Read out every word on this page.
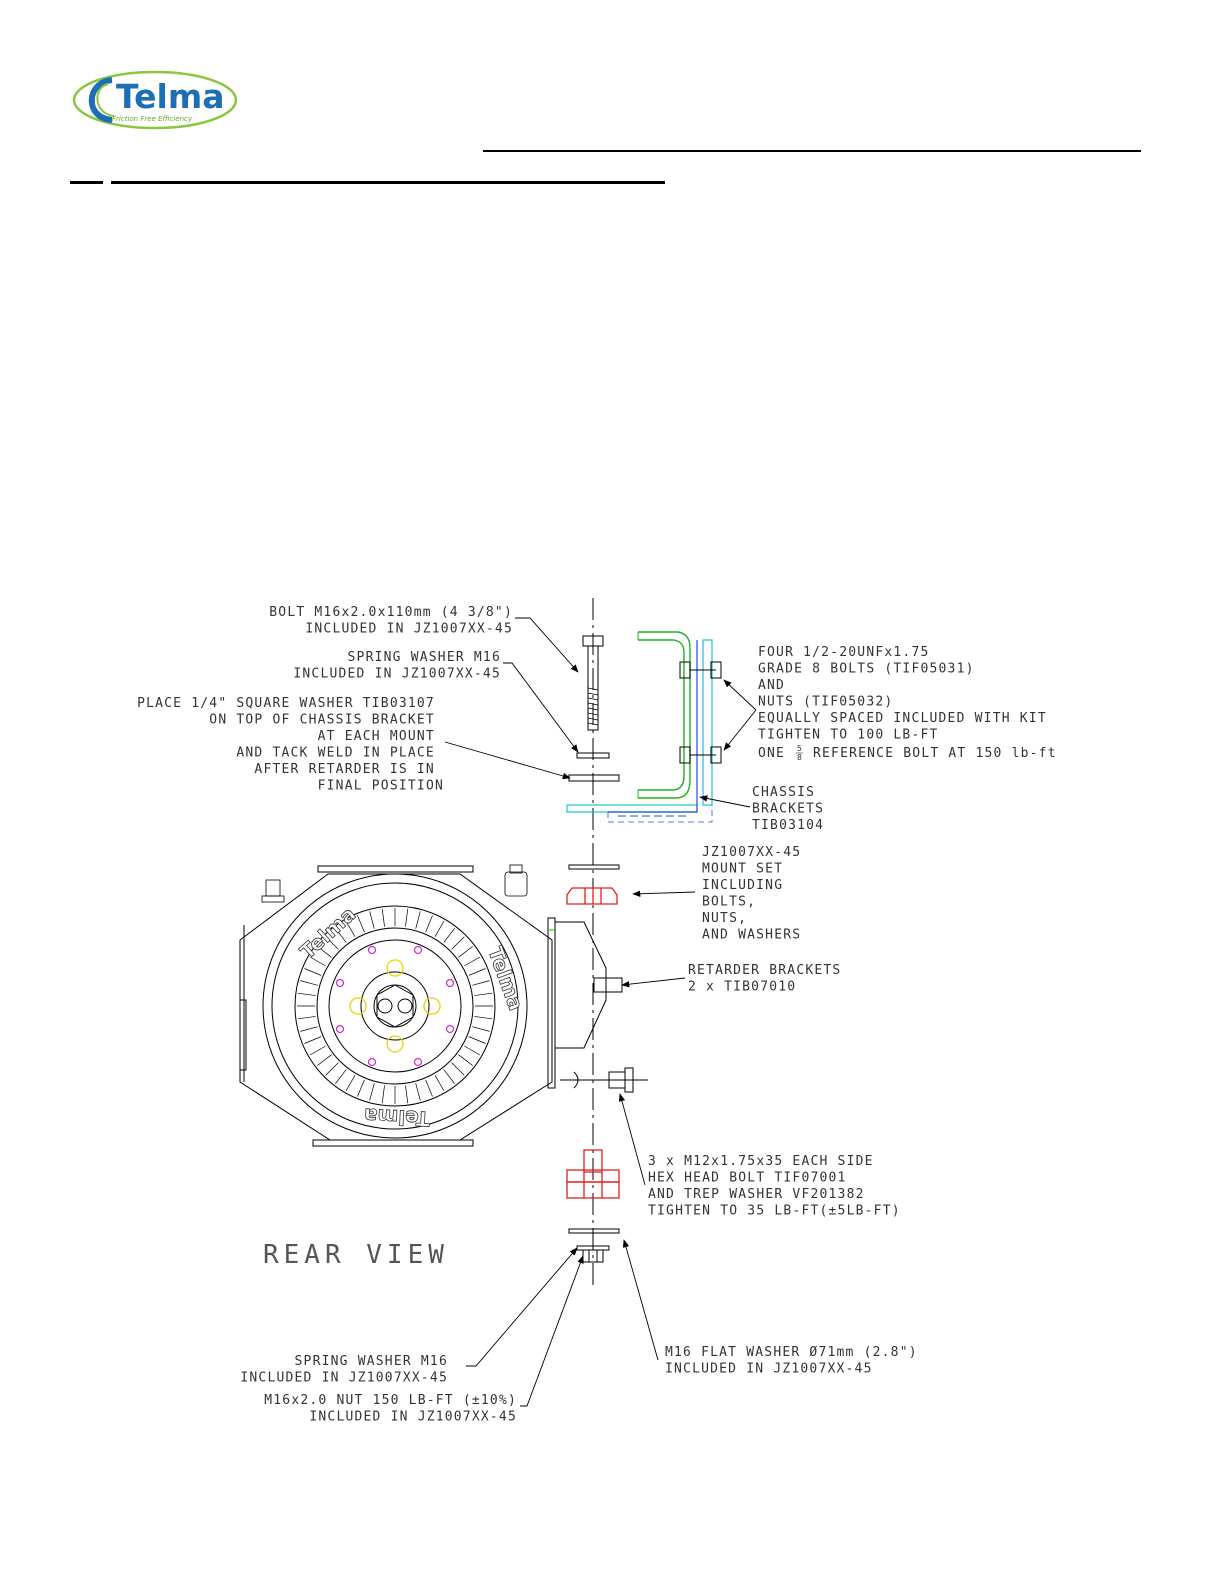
Telma
Friction Free Efficiency
Telma
Telma
Telma
BOLT M16x2.0x110mm (4 3/8") INCLUDED IN JZ1007XX-45
SPRING WASHER M16 INCLUDED IN JZ1007XX-45
PLACE 1/4" SQUARE WASHER TIB03107 ON TOP OF CHASSIS BRACKET AT EACH MOUNT AND TACK WELD IN PLACE AFTER RETARDER IS IN FINAL POSITION
SPRING WASHER M16 INCLUDED IN JZ1007XX-45
M16x2.0 NUT 150 LB-FT (±10%) INCLUDED IN JZ1007XX-45
FOUR 1/2-20UNFx1.75 GRADE 8 BOLTS (TIF05031) AND NUTS (TIF05032) EQUALLY SPACED INCLUDED WITH KIT TIGHTEN TO 100 LB-FT
ONE 5
8 REFERENCE BOLT AT 150 lb-ft
CHASSIS BRACKETS TIB03104
JZ1007XX-45 MOUNT SET INCLUDING BOLTS, NUTS, AND WASHERS
RETARDER BRACKETS 2 x TIB07010
3 x M12x1.75x35 EACH SIDE HEX HEAD BOLT TIF07001 AND TREP WASHER VF201382 TIGHTEN TO 35 LB-FT(±5LB-FT)
M16 FLAT WASHER Ø71mm (2.8") INCLUDED IN JZ1007XX-45
REAR VIEW
